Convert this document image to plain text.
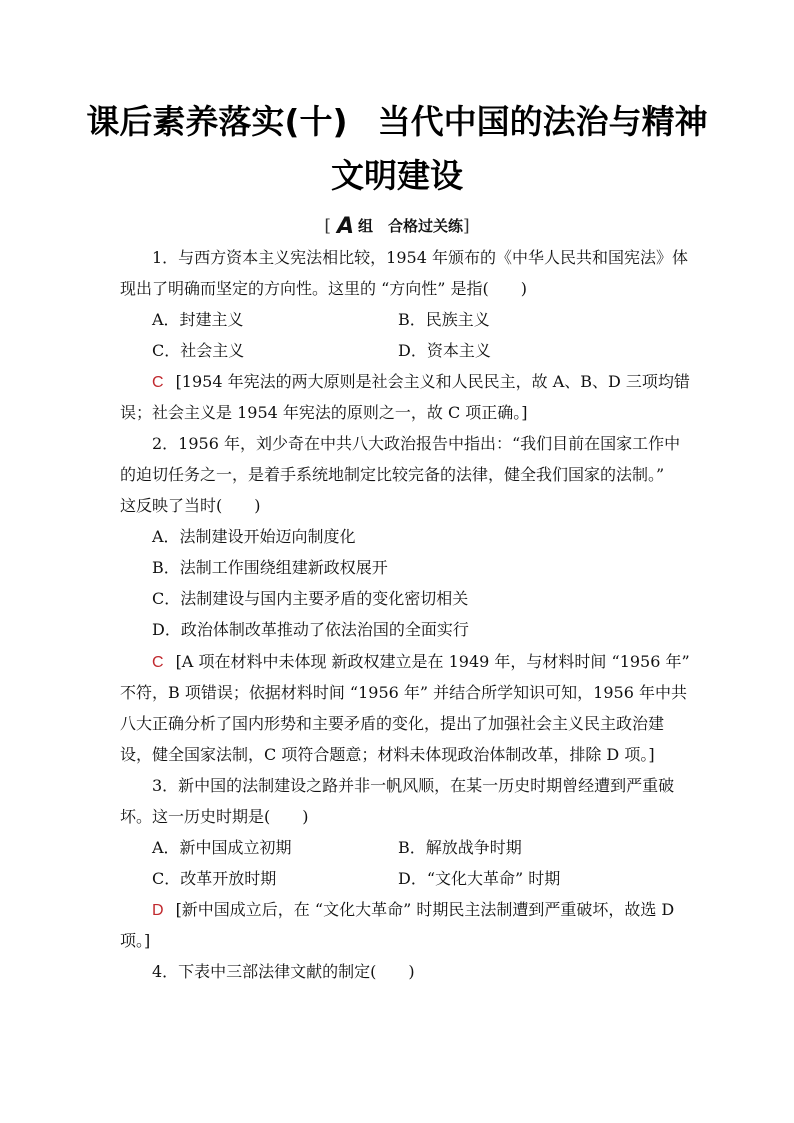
课后素养落实(十) 当代中国的法治与精神
文明建设
[ A 组　合格过关练]
1．与西方资本主义宪法相比较，1954 年颁布的《中华人民共和国宪法》体
现出了明确而坚定的方向性。这里的 “方向性” 是指(　　)
A．封建主义	B．民族主义
C．社会主义	D．资本主义
C [1954 年宪法的两大原则是社会主义和人民民主，故 A、B、D 三项均错
误；社会主义是 1954 年宪法的原则之一，故 C 项正确。]
2．1956 年，刘少奇在中共八大政治报告中指出：“我们目前在国家工作中
的迫切任务之一，是着手系统地制定比较完备的法律，健全我们国家的法制。”
这反映了当时(　　)
A．法制建设开始迈向制度化
B．法制工作围绕组建新政权展开
C．法制建设与国内主要矛盾的变化密切相关
D．政治体制改革推动了依法治国的全面实行
C [A 项在材料中未体现 新政权建立是在 1949 年，与材料时间 “1956 年”
不符，B 项错误；依据材料时间 “1956 年” 并结合所学知识可知，1956 年中共
八大正确分析了国内形势和主要矛盾的变化，提出了加强社会主义民主政治建
设，健全国家法制，C 项符合题意；材料未体现政治体制改革，排除 D 项。]
3．新中国的法制建设之路并非一帆风顺，在某一历史时期曾经遭到严重破
坏。这一历史时期是(　　)
A．新中国成立初期	B．解放战争时期
C．改革开放时期	D．“文化大革命” 时期
D [新中国成立后，在 “文化大革命” 时期民主法制遭到严重破坏，故选 D
项。]
4．下表中三部法律文献的制定(　　)
